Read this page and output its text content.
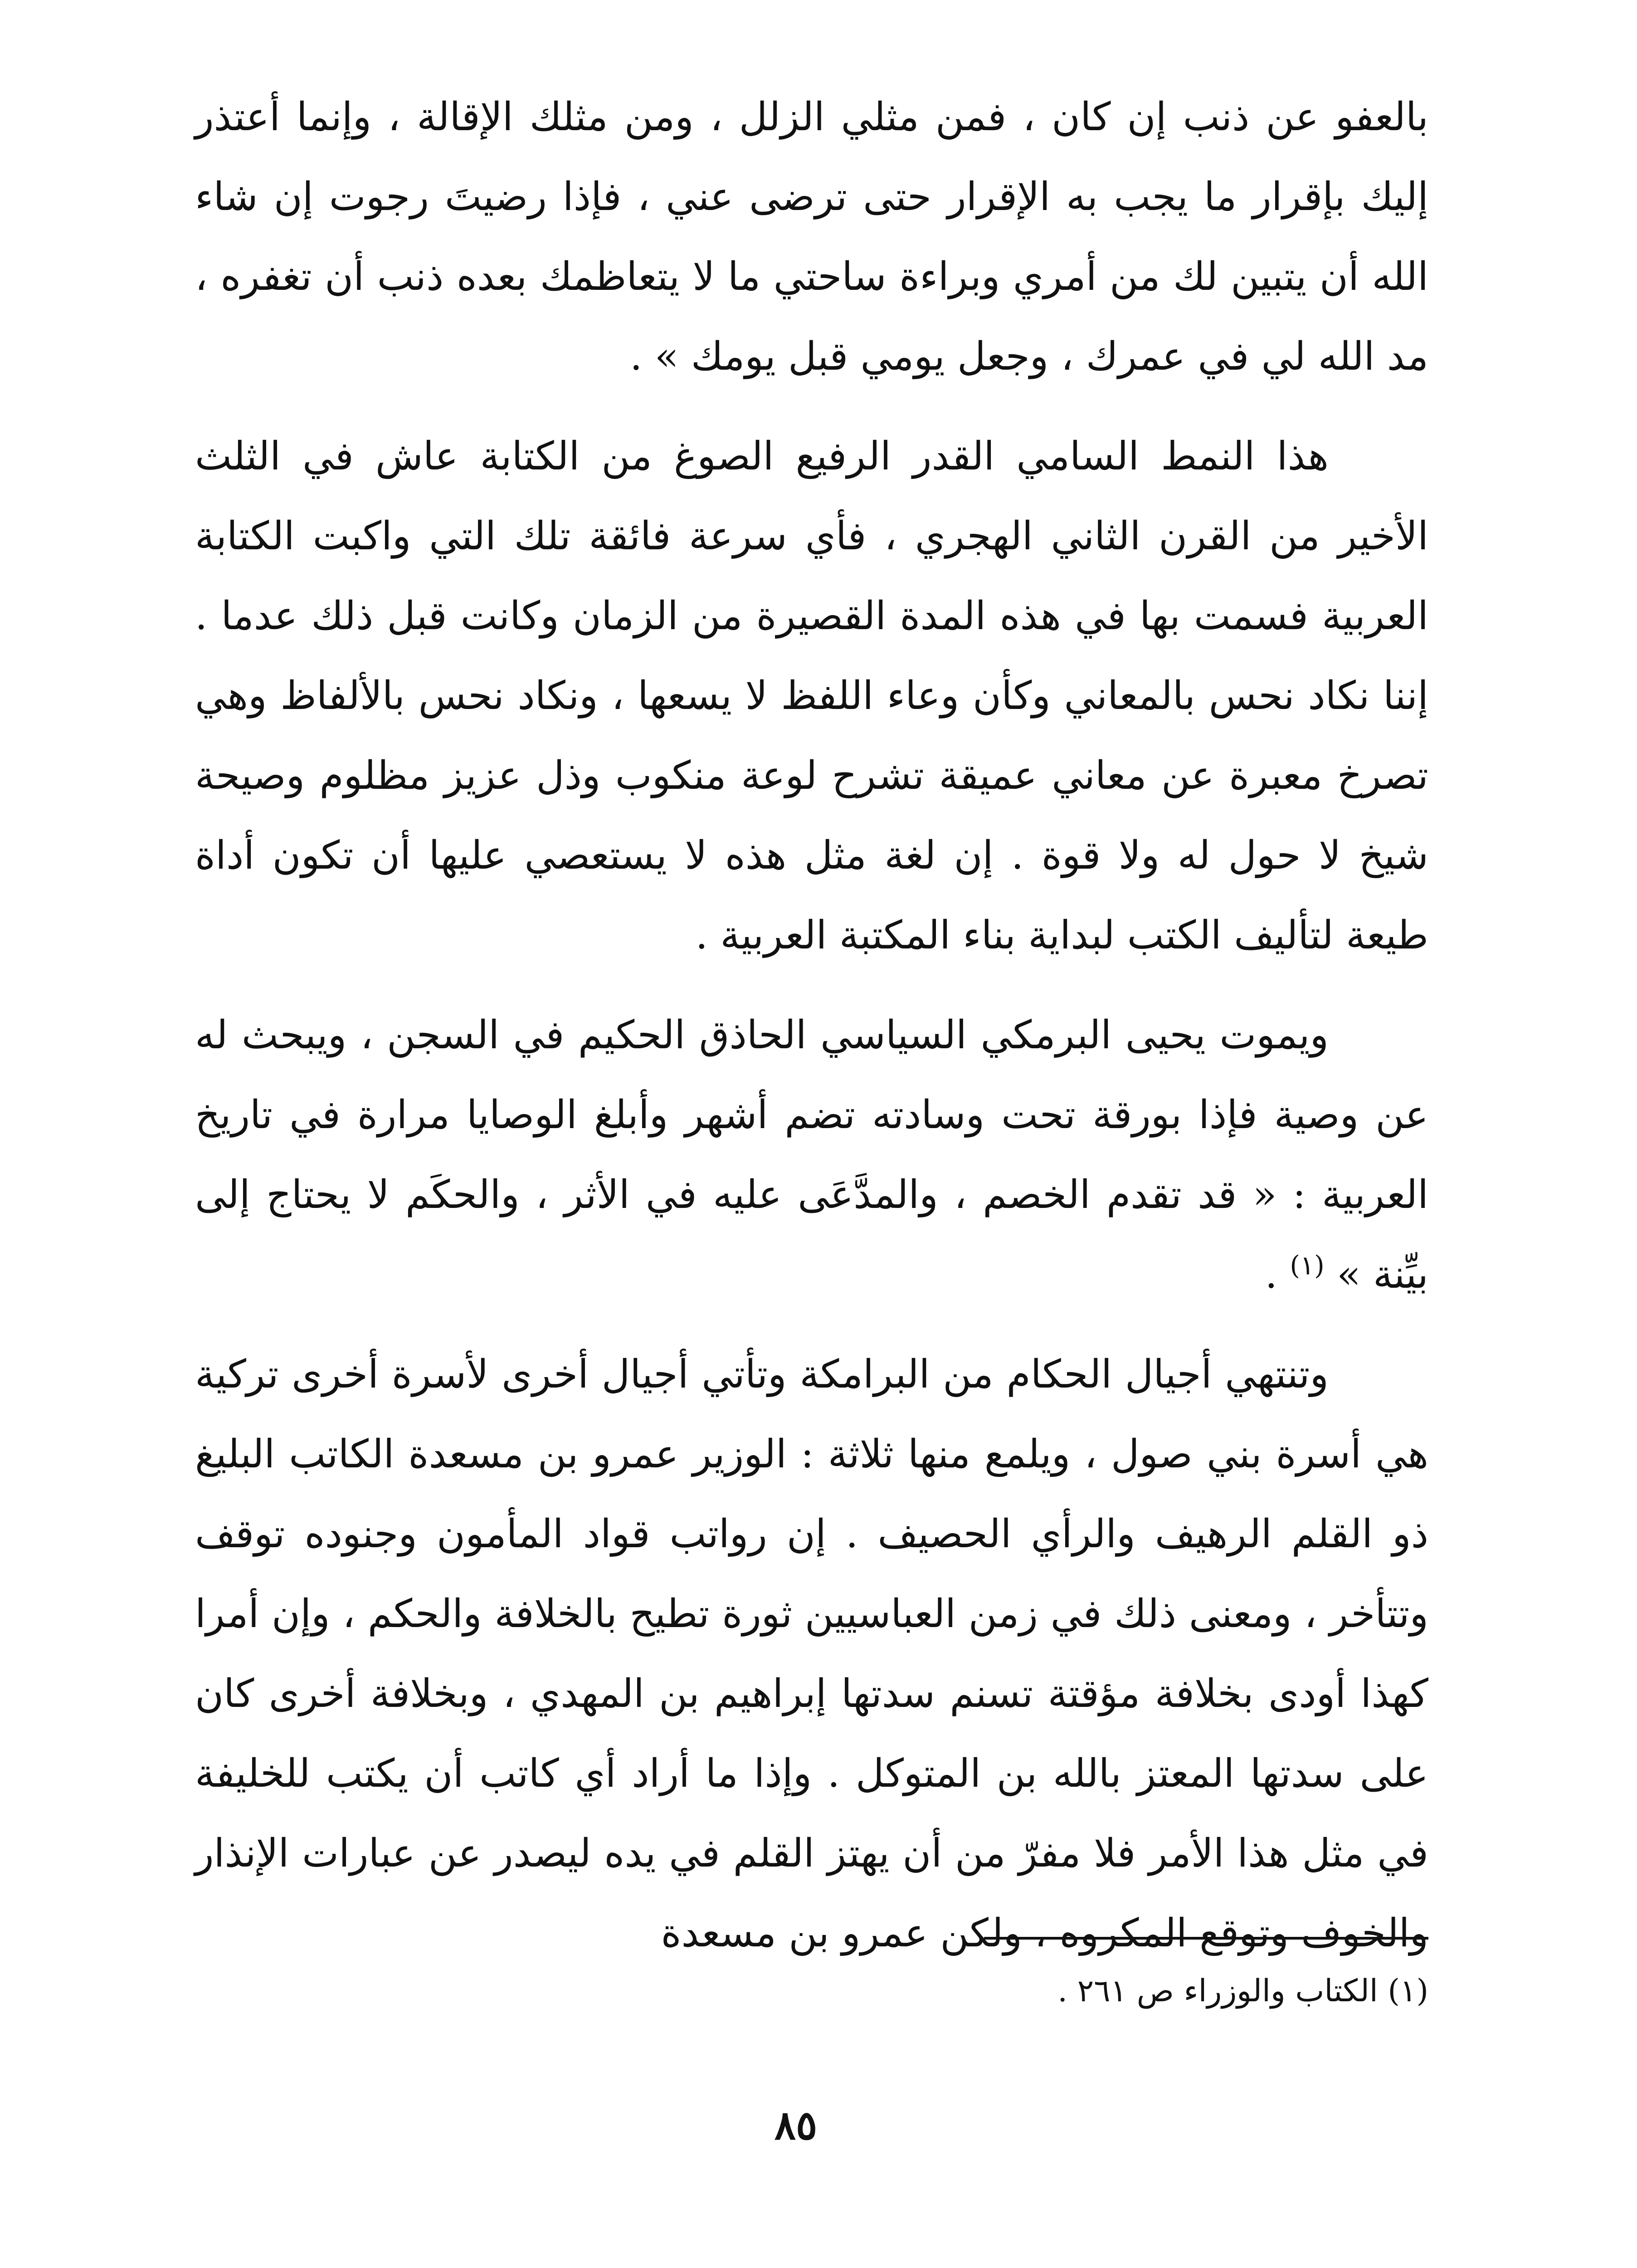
بالعفو عن ذنب إن كان ، فمن مثلي الزلل ، ومن مثلك الإقالة ، وإنما أعتذر إليك بإقرار ما يجب به الإقرار حتى ترضى عني ، فإذا رضيتَ رجوت إن شاء الله أن يتبين لك من أمري وبراءة ساحتي ما لا يتعاظمك بعده ذنب أن تغفره ، مد الله لي في عمرك ، وجعل يومي قبل يومك » .

هذا النمط السامي القدر الرفيع الصوغ من الكتابة عاش في الثلث الأخير من القرن الثاني الهجري ، فأي سرعة فائقة تلك التي واكبت الكتابة العربية فسمت بها في هذه المدة القصيرة من الزمان وكانت قبل ذلك عدما . إننا نكاد نحس بالمعاني وكأن وعاء اللفظ لا يسعها ، ونكاد نحس بالألفاظ وهي تصرخ معبرة عن معاني عميقة تشرح لوعة منكوب وذل عزيز مظلوم وصيحة شيخ لا حول له ولا قوة . إن لغة مثل هذه لا يستعصي عليها أن تكون أداة طيعة لتأليف الكتب لبداية بناء المكتبة العربية .

ويموت يحيى البرمكي السياسي الحاذق الحكيم في السجن ، ويبحث له عن وصية فإذا بورقة تحت وسادته تضم أشهر وأبلغ الوصايا مرارة في تاريخ العربية : « قد تقدم الخصم ، والمدَّعَى عليه في الأثر ، والحكَم لا يحتاج إلى بيِّنة » $^{(١)}$ .

وتنتهي أجيال الحكام من البرامكة وتأتي أجيال أخرى لأسرة أخرى تركية هي أسرة بني صول ، ويلمع منها ثلاثة : الوزير عمرو بن مسعدة الكاتب البليغ ذو القلم الرهيف والرأي الحصيف . إن رواتب قواد المأمون وجنوده توقف وتتأخر ، ومعنى ذلك في زمن العباسيين ثورة تطيح بالخلافة والحكم ، وإن أمرا كهذا أودى بخلافة مؤقتة تسنم سدتها إبراهيم بن المهدي ، وبخلافة أخرى كان على سدتها المعتز بالله بن المتوكل . وإذا ما أراد أي كاتب أن يكتب للخليفة في مثل هذا الأمر فلا مفرّ من أن يهتز القلم في يده ليصدر عن عبارات الإنذار والخوف وتوقع المكروه ، ولكن عمرو بن مسعدة

(١) الكتاب والوزراء ص ٢٦١ .
٨٥
